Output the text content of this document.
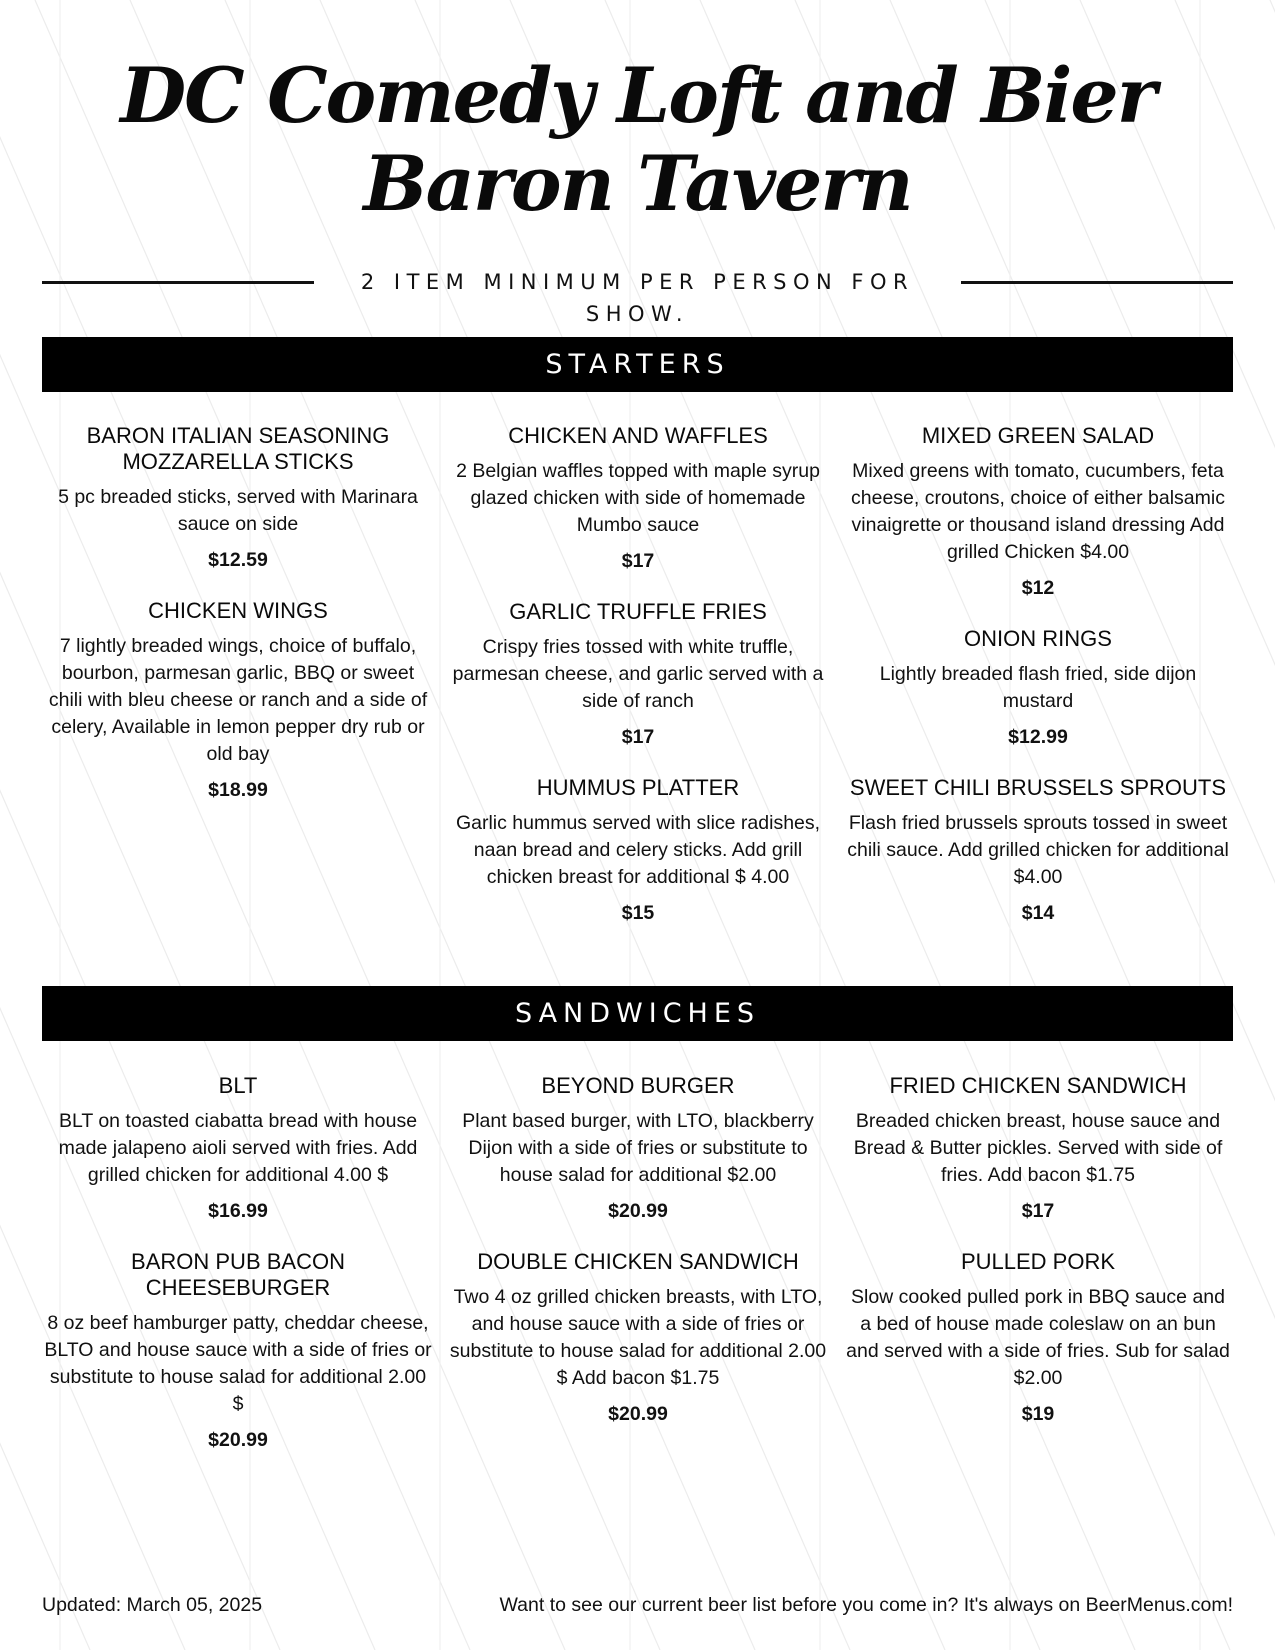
DC Comedy Loft and Bier Baron Tavern
2 ITEM MINIMUM PER PERSON FOR SHOW.
STARTERS
BARON ITALIAN SEASONING MOZZARELLA STICKS
5 pc breaded sticks, served with Marinara sauce on side
$12.59
CHICKEN WINGS
7 lightly breaded wings, choice of buffalo, bourbon, parmesan garlic, BBQ or sweet chili with bleu cheese or ranch and a side of celery, Available in lemon pepper dry rub or old bay
$18.99
CHICKEN AND WAFFLES
2 Belgian waffles topped with maple syrup glazed chicken with side of homemade Mumbo sauce
$17
GARLIC TRUFFLE FRIES
Crispy fries tossed with white truffle, parmesan cheese, and garlic served with a side of ranch
$17
HUMMUS PLATTER
Garlic hummus served with slice radishes, naan bread and celery sticks. Add grill chicken breast for additional $ 4.00
$15
MIXED GREEN SALAD
Mixed greens with tomato, cucumbers, feta cheese, croutons, choice of either balsamic vinaigrette or thousand island dressing Add grilled Chicken $4.00
$12
ONION RINGS
Lightly breaded flash fried, side dijon mustard
$12.99
SWEET CHILI BRUSSELS SPROUTS
Flash fried brussels sprouts tossed in sweet chili sauce. Add grilled chicken for additional $4.00
$14
SANDWICHES
BLT
BLT on toasted ciabatta bread with house made jalapeno aioli served with fries. Add grilled chicken for additional 4.00 $
$16.99
BARON PUB BACON CHEESEBURGER
8 oz beef hamburger patty, cheddar cheese, BLTO and house sauce with a side of fries or substitute to house salad for additional 2.00 $
$20.99
BEYOND BURGER
Plant based burger, with LTO, blackberry Dijon with a side of fries or substitute to house salad for additional $2.00
$20.99
DOUBLE CHICKEN SANDWICH
Two 4 oz grilled chicken breasts, with LTO, and house sauce with a side of fries or substitute to house salad for additional 2.00 $ Add bacon $1.75
$20.99
FRIED CHICKEN SANDWICH
Breaded chicken breast, house sauce and Bread & Butter pickles. Served with side of fries. Add bacon $1.75
$17
PULLED PORK
Slow cooked pulled pork in BBQ sauce and a bed of house made coleslaw on an bun and served with a side of fries. Sub for salad $2.00
$19
Updated: March 05, 2025	Want to see our current beer list before you come in? It's always on BeerMenus.com!
